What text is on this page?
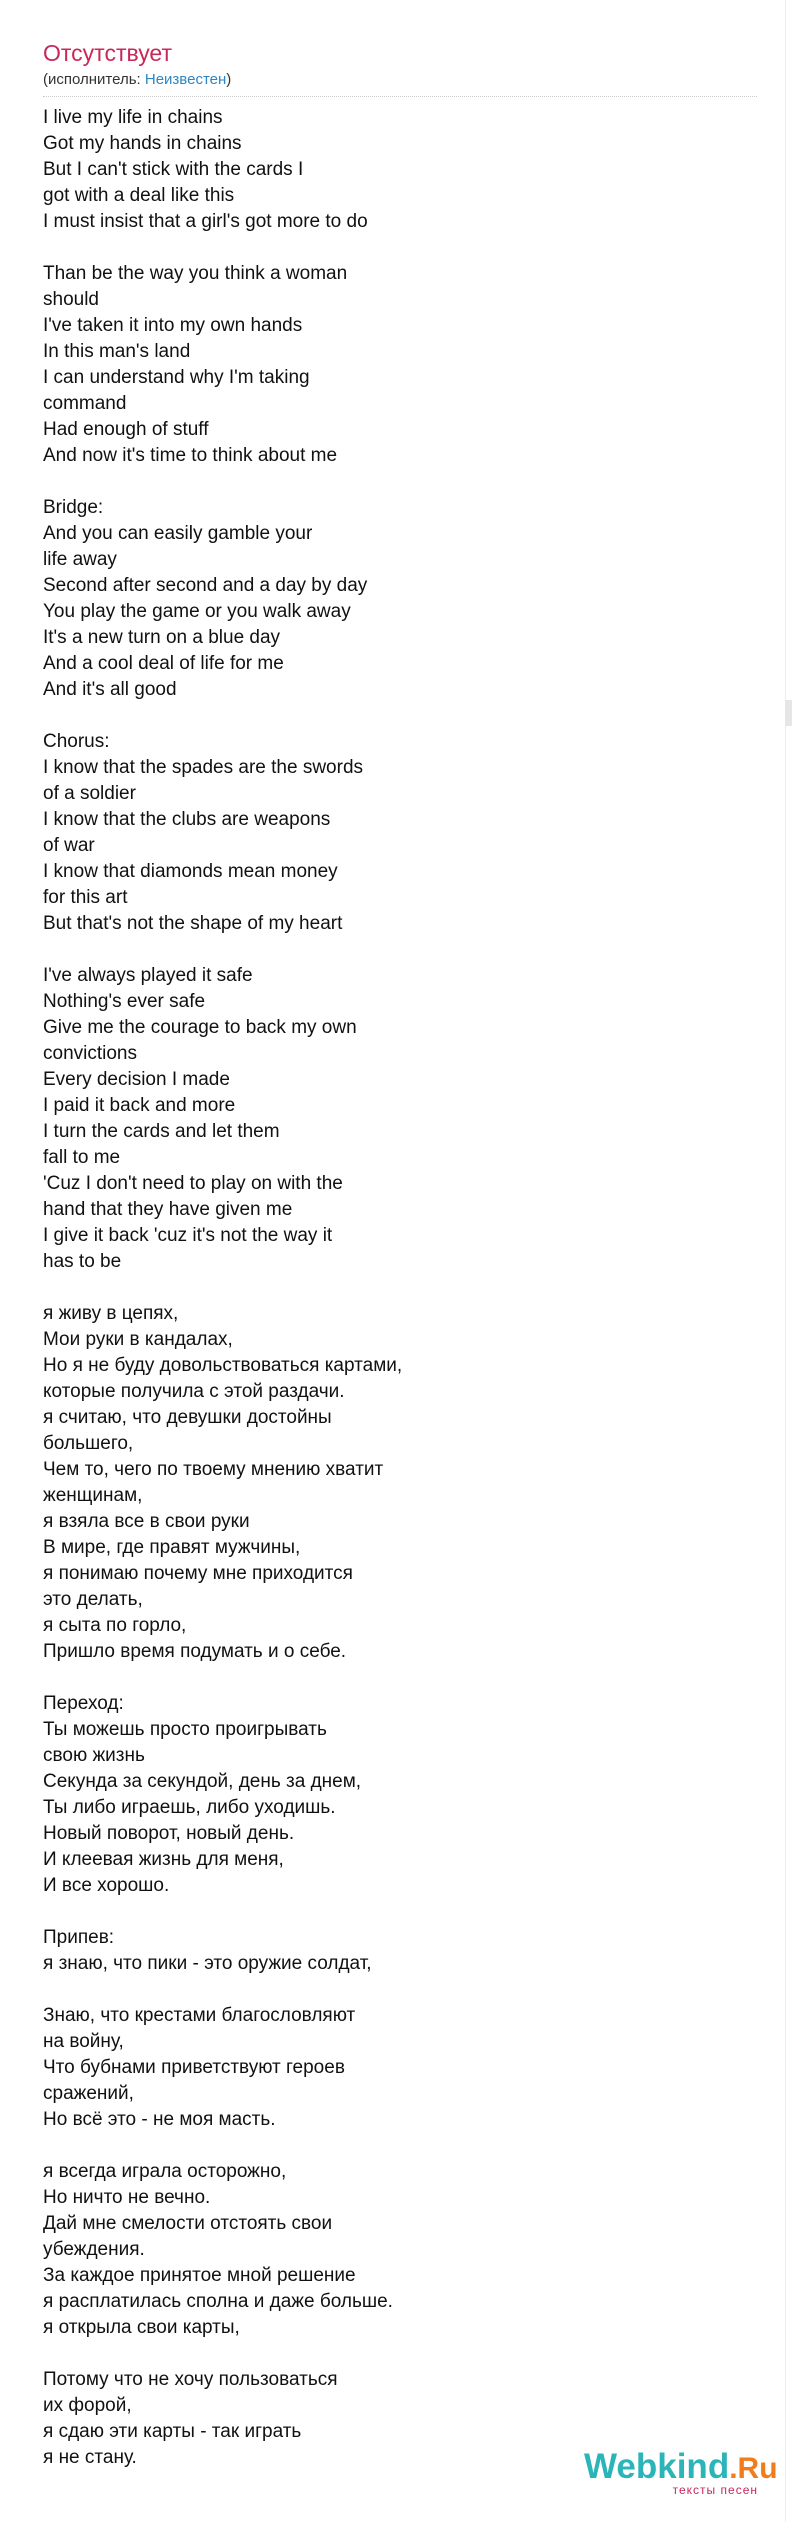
Отсутствует
(исполнитель: Неизвестен)
I live my life in chains
Got my hands in chains
But I can't stick with the cards I
got with a deal like this
I must insist that a girl's got more to do
Than be the way you think a woman
should
I've taken it into my own hands
In this man's land
I can understand why I'm taking
command
Had enough of stuff
And now it's time to think about me
Bridge:
And you can easily gamble your
life away
Second after second and a day by day
You play the game or you walk away
It's a new turn on a blue day
And a cool deal of life for me
And it's all good
Chorus:
I know that the spades are the swords
of a soldier
I know that the clubs are weapons
of war
I know that diamonds mean money
for this art
But that's not the shape of my heart
I've always played it safe
Nothing's ever safe
Give me the courage to back my own
convictions
Every decision I made
I paid it back and more
I turn the cards and let them
fall to me
'Cuz I don't need to play on with the
hand that they have given me
I give it back 'cuz it's not the way it
has to be
я живу в цепях,
Мои руки в кандалах,
Но я не буду довольствоваться картами,
которые получила с этой раздачи.
я считаю, что девушки достойны
большего,
Чем то, чего по твоему мнению хватит
женщинам,
я взяла все в свои руки
В мире, где правят мужчины,
я понимаю почему мне приходится
это делать,
я сыта по горло,
Пришло время подумать и о себе.
Переход:
Ты можешь просто проигрывать
свою жизнь
Секунда за секундой, день за днем,
Ты либо играешь, либо уходишь.
Новый поворот, новый день.
И клеевая жизнь для меня,
И все хорошо.
Припев:
я знаю, что пики - это оружие солдат,
Знаю, что крестами благословляют
на войну,
Что бубнами приветствуют героев
сражений,
Но всё это - не моя масть.
я всегда играла осторожно,
Но ничто не вечно.
Дай мне смелости отстоять свои
убеждения.
За каждое принятое мной решение
я расплатилась сполна и даже больше.
я открыла свои карты,
Потому что не хочу пользоваться
их форой,
я сдаю эти карты - так играть
я не стану.	Webkind.Ru
тексты песен
